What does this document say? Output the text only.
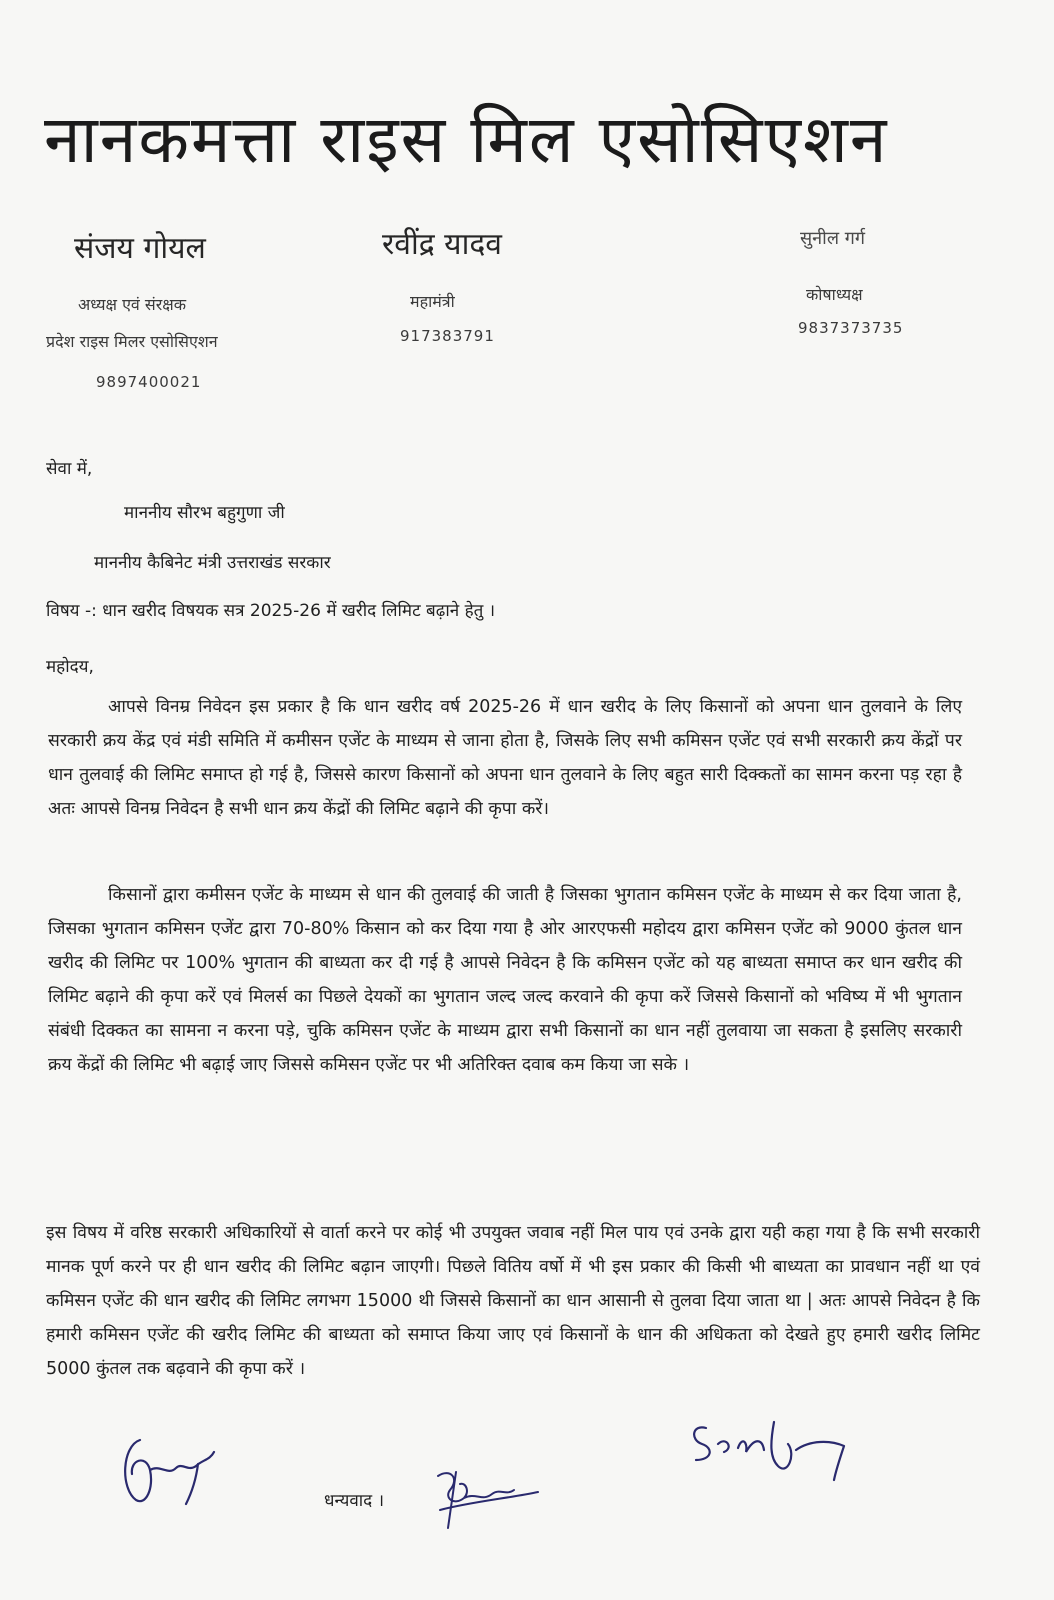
नानकमत्ता राइस मिल एसोसिएशन
संजय गोयल
अध्यक्ष एवं संरक्षक
प्रदेश राइस मिलर एसोसिएशन
9897400021
रवींद्र यादव
महामंत्री
917383791
सुनील गर्ग
कोषाध्यक्ष
9837373735
सेवा में,
माननीय सौरभ बहुगुणा जी
माननीय कैबिनेट मंत्री उत्तराखंड सरकार
विषय -: धान खरीद विषयक सत्र 2025-26 में खरीद लिमिट बढ़ाने हेतु ।
महोदय,
आपसे विनम्र निवेदन इस प्रकार है कि धान खरीद वर्ष 2025-26 में धान खरीद के लिए किसानों को अपना धान तुलवाने के लिए सरकारी क्रय केंद्र एवं मंडी समिति में कमीसन एजेंट के माध्यम से जाना होता है, जिसके लिए सभी कमिसन एजेंट एवं सभी सरकारी क्रय केंद्रों पर धान तुलवाई की लिमिट समाप्त हो गई है, जिससे कारण किसानों को अपना धान तुलवाने के लिए बहुत सारी दिक्कतों का सामन करना पड़ रहा है अतः आपसे विनम्र निवेदन है सभी धान क्रय केंद्रों की लिमिट बढ़ाने की कृपा करें।
किसानों द्वारा कमीसन एजेंट के माध्यम से धान की तुलवाई की जाती है जिसका भुगतान कमिसन एजेंट के माध्यम से कर दिया जाता है, जिसका भुगतान कमिसन एजेंट द्वारा 70-80% किसान को कर दिया गया है ओर आरएफसी महोदय द्वारा कमिसन एजेंट को 9000 कुंतल धान खरीद की लिमिट पर 100% भुगतान की बाध्यता कर दी गई है आपसे निवेदन है कि कमिसन एजेंट को यह बाध्यता समाप्त कर धान खरीद की लिमिट बढ़ाने की कृपा करें एवं मिलर्स का पिछले देयकों का भुगतान जल्द जल्द करवाने की कृपा करें जिससे किसानों को भविष्य में भी भुगतान संबंधी दिक्कत का सामना न करना पड़े, चुकि कमिसन एजेंट के माध्यम द्वारा सभी किसानों का धान नहीं तुलवाया जा सकता है इसलिए सरकारी क्रय केंद्रों की लिमिट भी बढ़ाई जाए जिससे कमिसन एजेंट पर भी अतिरिक्त दवाब कम किया जा सके ।
इस विषय में वरिष्ठ सरकारी अधिकारियों से वार्ता करने पर कोई भी उपयुक्त जवाब नहीं मिल पाय एवं उनके द्वारा यही कहा गया है कि सभी सरकारी मानक पूर्ण करने पर ही धान खरीद की लिमिट बढ़ान जाएगी। पिछले वितिय वर्षो में भी इस प्रकार की किसी भी बाध्यता का प्रावधान नहीं था एवं कमिसन एजेंट की धान खरीद की लिमिट लगभग 15000 थी जिससे किसानों का धान आसानी से तुलवा दिया जाता था | अतः आपसे निवेदन है कि हमारी कमिसन एजेंट की खरीद लिमिट की बाध्यता को समाप्त किया जाए एवं किसानों के धान की अधिकता को देखते हुए हमारी खरीद लिमिट 5000 कुंतल तक बढ़वाने की कृपा करें ।
धन्यवाद ।
